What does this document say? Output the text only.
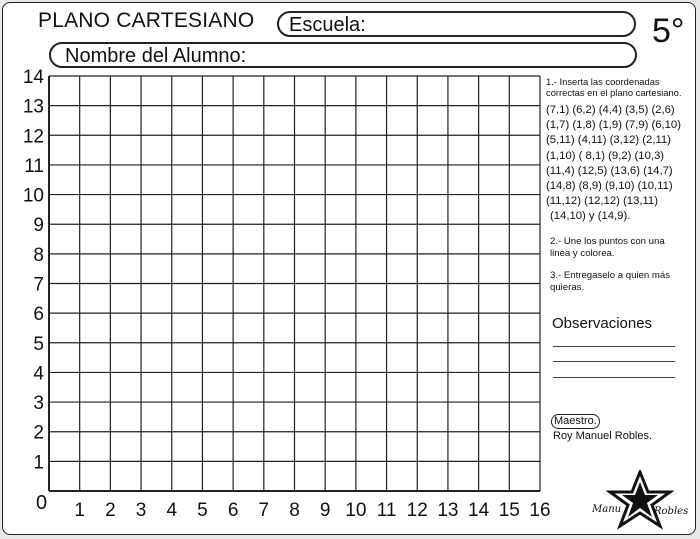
PLANO CARTESIANO	Escuela:	5°
Nombre del Alumno:
1 2 3 4 5 6 7 8 9 10 11 12 13 14 15 16
1
2
3
4
5
6
7
8
9
10
11
12
13
14
0
1.- Inserta las coordenadas correctas en el plano cartesiano.
(7,1) (6,2) (4,4) (3,5) (2,6)
(1,7) (1,8) (1,9) (7,9) (6,10)
(5,11) (4,11) (3,12) (2,11)
(1,10) ( 8,1) (9,2) (10,3)
(11,4) (12,5) (13,6) (14,7)
(14,8) (8,9) (9,10) (10,11)
(11,12) (12,12) (13,11)
(14,10) y (14,9).
2.- Une los puntos con una linea y colorea.
3.- Entregaselo a quien más quieras.
Observaciones
Maestro.
Roy Manuel Robles.
Manu	Robles
